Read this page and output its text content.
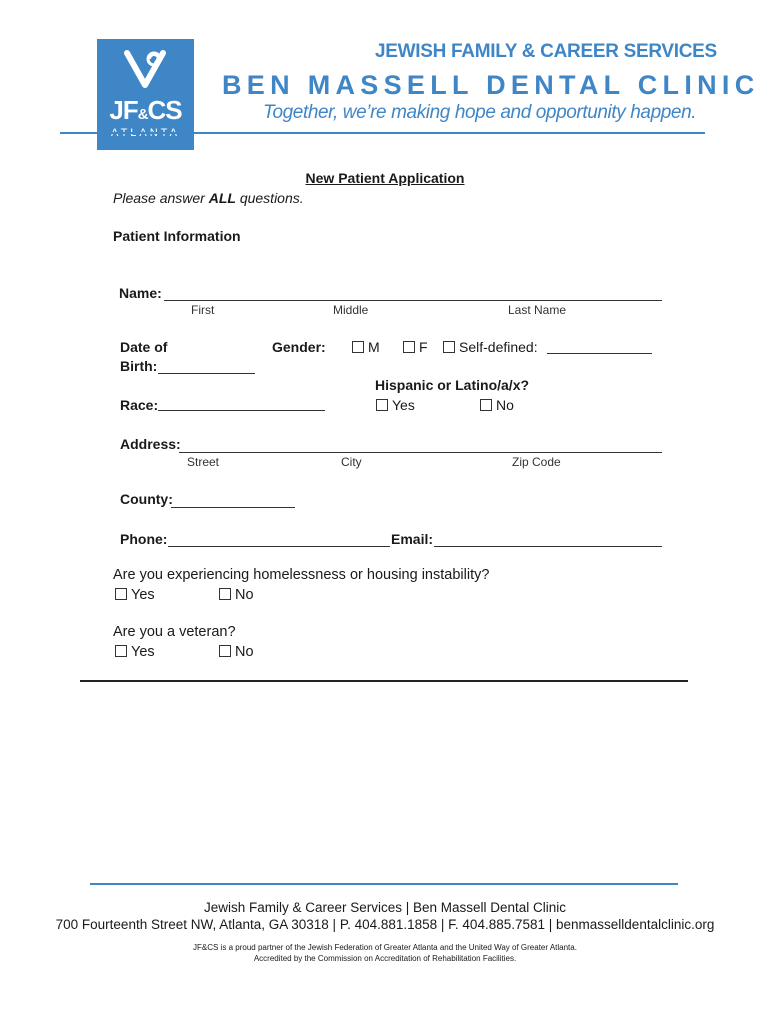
JF&CS
ATLANTA
JEWISH FAMILY & CAREER SERVICES
BEN MASSELL DENTAL CLINIC
Together, we’re making hope and opportunity happen.
New Patient Application
Please answer ALL questions.
Patient Information
Name:
First	Middle	Last Name
Date of
Birth:
Gender:	M	F	Self-defined:
Hispanic or Latino/a/x?
Yes	No
Race:
Address:
Street	City	Zip Code
County:
Phone:	Email:
Are you experiencing homelessness or housing instability?
Yes	No
Are you a veteran?
Yes	No
Jewish Family & Career Services | Ben Massell Dental Clinic
700 Fourteenth Street NW, Atlanta, GA 30318 | P. 404.881.1858 | F. 404.885.7581 | benmasselldentalclinic.org
JF&CS is a proud partner of the Jewish Federation of Greater Atlanta and the United Way of Greater Atlanta.
Accredited by the Commission on Accreditation of Rehabilitation Facilities.
